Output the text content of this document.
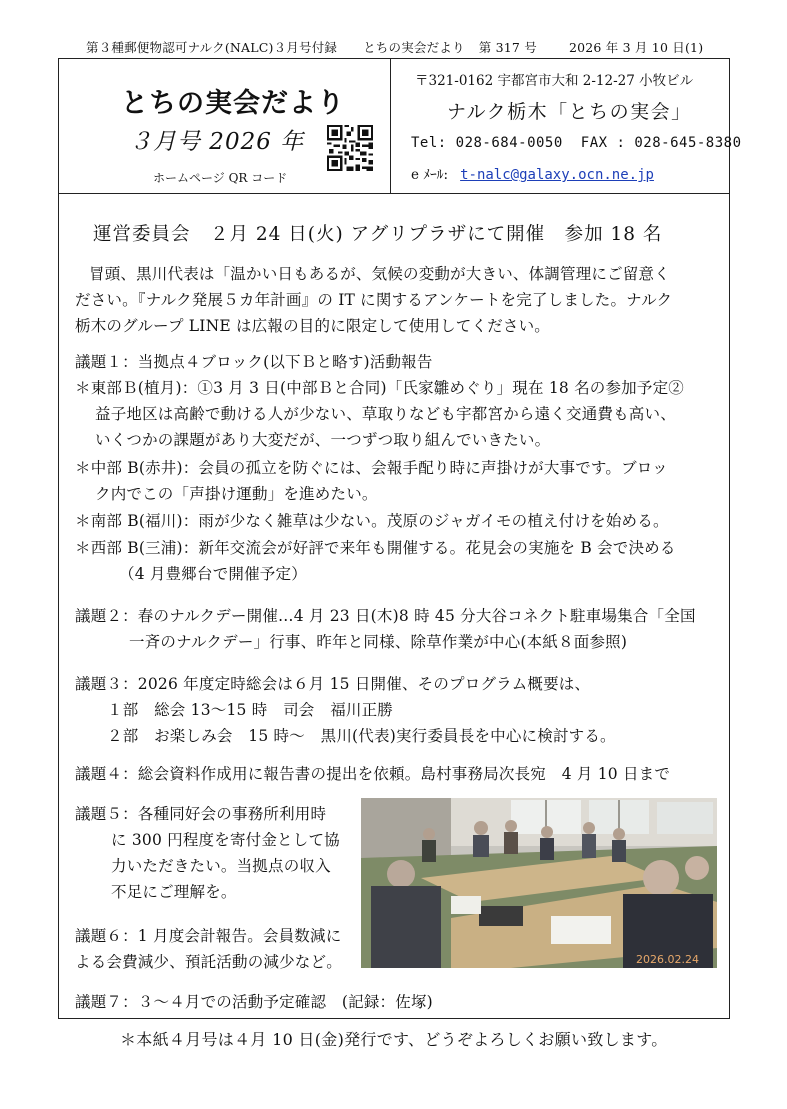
第３種郵便物認可ナルク(NALC)３月号付録 とちの実会だより 第 317 号	2026 年 3 月 10 日(1)
とちの実会だより
３月号 2026 年
ホームページ QR コード
〒321-0162 宇都宮市大和 2-12-27 小牧ビル
ナルク栃木「とちの実会」
Tel: 028-684-0050 FAX : 028-645-8380
e ﾒｰﾙ: t-nalc@galaxy.ocn.ne.jp
運営委員会　２月 24 日(火) アグリプラザにて開催　参加 18 名
冒頭、黒川代表は「温かい日もあるが、気候の変動が大きい、体調管理にご留意く
ださい。『ナルク発展５カ年計画』の IT に関するアンケートを完了しました。ナルク
栃木のグループ LINE は広報の目的に限定して使用してください。
議題１：当拠点４ブロック(以下Ｂと略す)活動報告
＊東部Ｂ(植月)：①3 月 3 日(中部Ｂと合同)「氏家雛めぐり」現在 18 名の参加予定②
益子地区は高齢で動ける人が少ない、草取りなども宇都宮から遠く交通費も高い、
いくつかの課題があり大変だが、一つずつ取り組んでいきたい。
＊中部 B(赤井)：会員の孤立を防ぐには、会報手配り時に声掛けが大事です。ブロッ
ク内でこの「声掛け運動」を進めたい。
＊南部 B(福川)：雨が少なく雑草は少ない。茂原のジャガイモの植え付けを始める。
＊西部 B(三浦)：新年交流会が好評で来年も開催する。花見会の実施を B 会で決める
（4 月豊郷台で開催予定）
議題２：春のナルクデー開催…4 月 23 日(木)8 時 45 分大谷コネクト駐車場集合「全国
一斉のナルクデー」行事、昨年と同様、除草作業が中心(本紙８面参照)
議題３：2026 年度定時総会は６月 15 日開催、そのプログラム概要は、
１部　総会 13～15 時　司会　福川正勝
２部　お楽しみ会　15 時～　黒川(代表)実行委員長を中心に検討する。
議題４：総会資料作成用に報告書の提出を依頼。島村事務局次長宛　4 月 10 日まで
議題５：各種同好会の事務所利用時
に 300 円程度を寄付金として協
力いただきたい。当拠点の収入
不足にご理解を。
議題６：1 月度会計報告。会員数減に
よる会費減少、預託活動の減少など。
議題７：３～４月での活動予定確認　(記録：佐塚)
2026.02.24
＊本紙４月号は４月 10 日(金)発行です、どうぞよろしくお願い致します。
